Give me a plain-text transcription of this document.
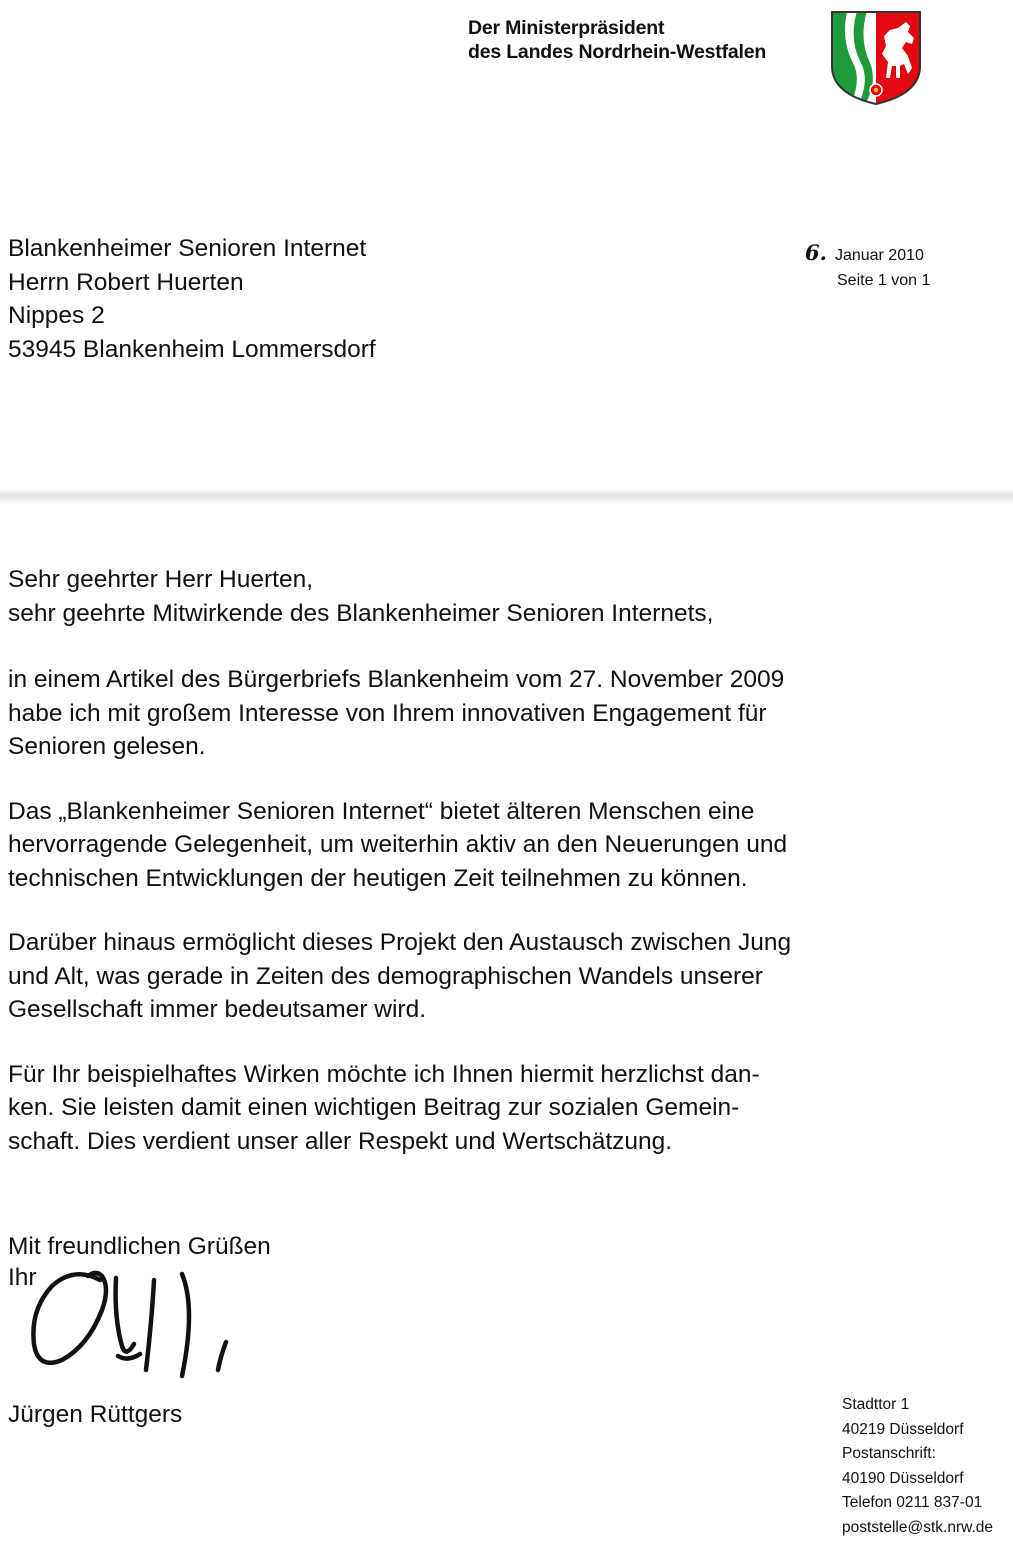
Der Ministerpräsident
des Landes Nordrhein-Westfalen
Blankenheimer Senioren Internet
Herrn Robert Huerten
Nippes 2
53945 Blankenheim Lommersdorf
6. Januar 2010
Seite 1 von 1
Sehr geehrter Herr Huerten,
sehr geehrte Mitwirkende des Blankenheimer Senioren Internets,

in einem Artikel des Bürgerbriefs Blankenheim vom 27. November 2009
habe ich mit großem Interesse von Ihrem innovativen Engagement für
Senioren gelesen.

Das „Blankenheimer Senioren Internet“ bietet älteren Menschen eine
hervorragende Gelegenheit, um weiterhin aktiv an den Neuerungen und
technischen Entwicklungen der heutigen Zeit teilnehmen zu können.

Darüber hinaus ermöglicht dieses Projekt den Austausch zwischen Jung
und Alt, was gerade in Zeiten des demographischen Wandels unserer
Gesellschaft immer bedeutsamer wird.

Für Ihr beispielhaftes Wirken möchte ich Ihnen hiermit herzlichst dan-
ken. Sie leisten damit einen wichtigen Beitrag zur sozialen Gemein-
schaft. Dies verdient unser aller Respekt und Wertschätzung.

Mit freundlichen Grüßen
Ihr
Jürgen Rüttgers	Stadttor 1
40219 Düsseldorf
Postanschrift:
40190 Düsseldorf
Telefon 0211 837-01
poststelle@stk.nrw.de
